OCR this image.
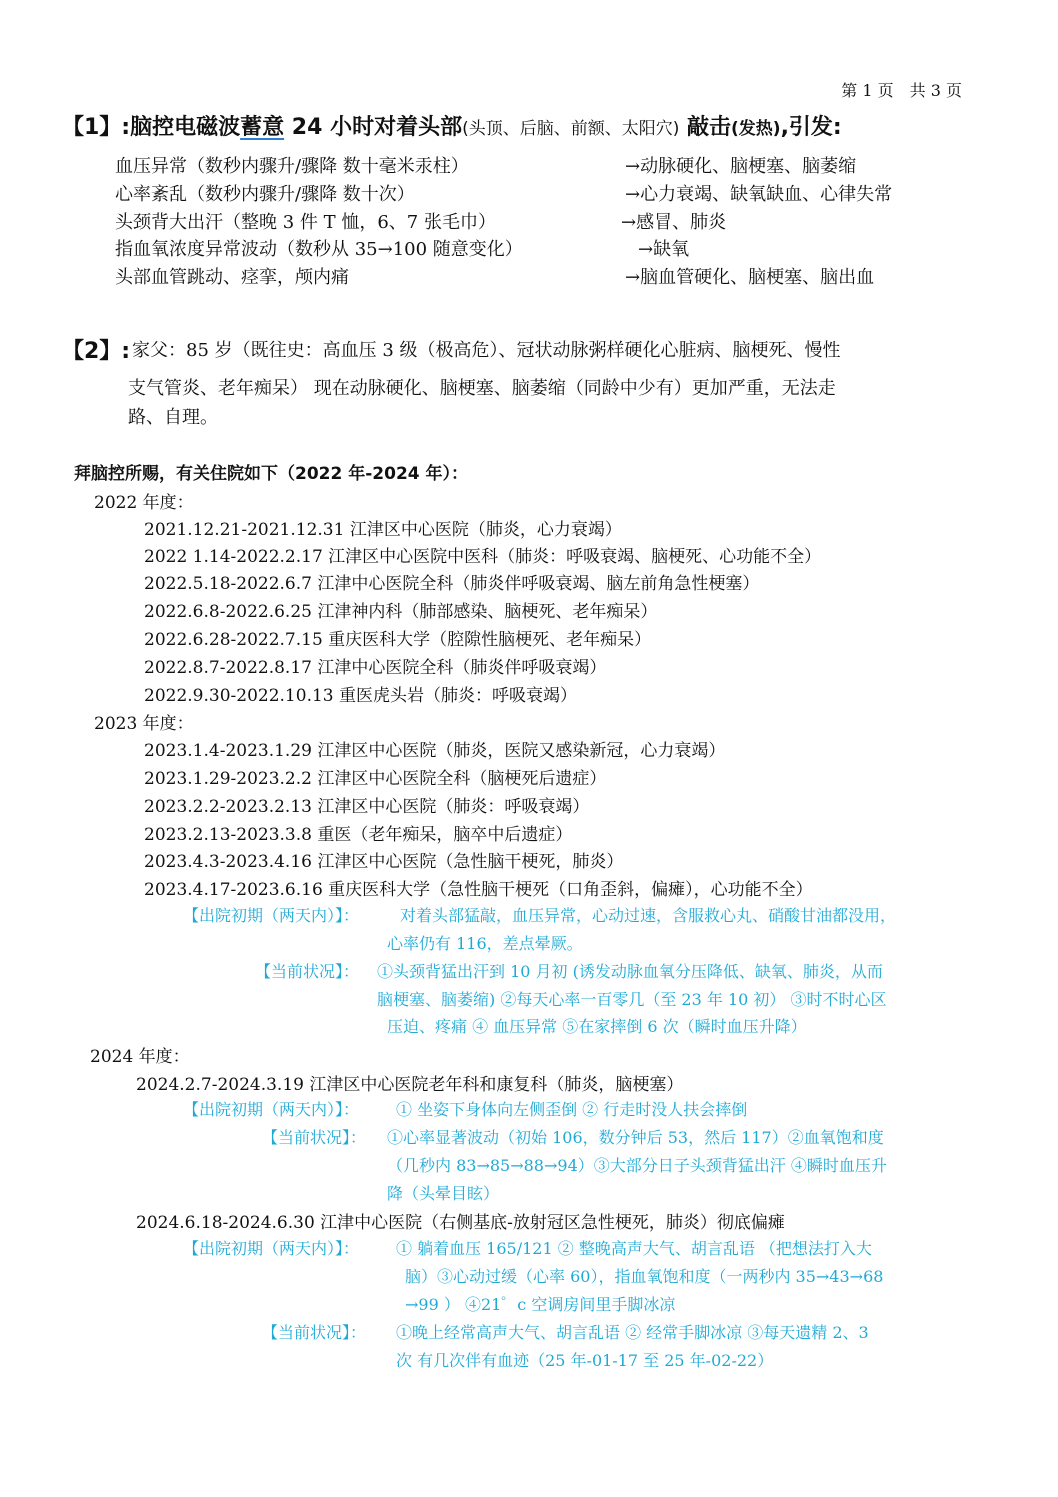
第 1 页　共 3 页
【1】:脑控电磁波蓄意 24 小时对着头部(头顶、后脑、前额、太阳穴) 敲击(发热),引发:
血压异常（数秒内骤升/骤降 数十毫米汞柱）	→动脉硬化、脑梗塞、脑萎缩
心率紊乱（数秒内骤升/骤降 数十次）	→心力衰竭、缺氧缺血、心律失常
头颈背大出汗（整晚 3 件 T 恤，6、7 张毛巾）	→感冒、肺炎
指血氧浓度异常波动（数秒从 35→100 随意变化）	→缺氧
头部血管跳动、痉挛，颅内痛	→脑血管硬化、脑梗塞、脑出血
【2】: 家父：85 岁（既往史：高血压 3 级（极高危）、冠状动脉粥样硬化心脏病、脑梗死、慢性
支气管炎、老年痴呆） 现在动脉硬化、脑梗塞、脑萎缩（同龄中少有）更加严重，无法走
路、自理。
拜脑控所赐，有关住院如下（2022 年-2024 年）：
2022 年度：
2021.12.21-2021.12.31 江津区中心医院（肺炎，心力衰竭）
2022 1.14-2022.2.17 江津区中心医院中医科（肺炎：呼吸衰竭、脑梗死、心功能不全）
2022.5.18-2022.6.7 江津中心医院全科（肺炎伴呼吸衰竭、脑左前角急性梗塞）
2022.6.8-2022.6.25 江津神内科（肺部感染、脑梗死、老年痴呆）
2022.6.28-2022.7.15 重庆医科大学（腔隙性脑梗死、老年痴呆）
2022.8.7-2022.8.17 江津中心医院全科（肺炎伴呼吸衰竭）
2022.9.30-2022.10.13 重医虎头岩（肺炎：呼吸衰竭）
2023 年度：
2023.1.4-2023.1.29 江津区中心医院（肺炎，医院又感染新冠，心力衰竭）
2023.1.29-2023.2.2 江津区中心医院全科（脑梗死后遗症）
2023.2.2-2023.2.13 江津区中心医院（肺炎：呼吸衰竭）
2023.2.13-2023.3.8 重医（老年痴呆，脑卒中后遗症）
2023.4.3-2023.4.16 江津区中心医院（急性脑干梗死，肺炎）
2023.4.17-2023.6.16 重庆医科大学（急性脑干梗死（口角歪斜，偏瘫），心功能不全）
【出院初期（两天内）】：	对着头部猛敲，血压异常，心动过速，含服救心丸、硝酸甘油都没用，
心率仍有 116，差点晕厥。
【当前状况】： ①头颈背猛出汗到 10 月初 (诱发动脉血氧分压降低、缺氧、肺炎，从而
脑梗塞、脑萎缩) ②每天心率一百零几（至 23 年 10 初） ③时不时心区
压迫、疼痛 ④ 血压异常 ⑤在家摔倒 6 次（瞬时血压升降）
2024 年度：
2024.2.7-2024.3.19 江津区中心医院老年科和康复科（肺炎，脑梗塞）
【出院初期（两天内）】： ① 坐姿下身体向左侧歪倒 ② 行走时没人扶会摔倒
【当前状况】： ①心率显著波动（初始 106，数分钟后 53，然后 117）②血氧饱和度
（几秒内 83→85→88→94）③大部分日子头颈背猛出汗 ④瞬时血压升
降（头晕目眩）
2024.6.18-2024.6.30 江津中心医院（右侧基底-放射冠区急性梗死，肺炎）彻底偏瘫
【出院初期（两天内）】： ① 躺着血压 165/121 ② 整晚高声大气、胡言乱语 （把想法打入大
脑）③心动过缓（心率 60），指血氧饱和度（一两秒内 35→43→68
→99 ） ④21゜c 空调房间里手脚冰凉
【当前状况】： ①晚上经常高声大气、胡言乱语 ② 经常手脚冰凉 ③每天遗精 2、3
次 有几次伴有血迹（25 年-01-17 至 25 年-02-22）
